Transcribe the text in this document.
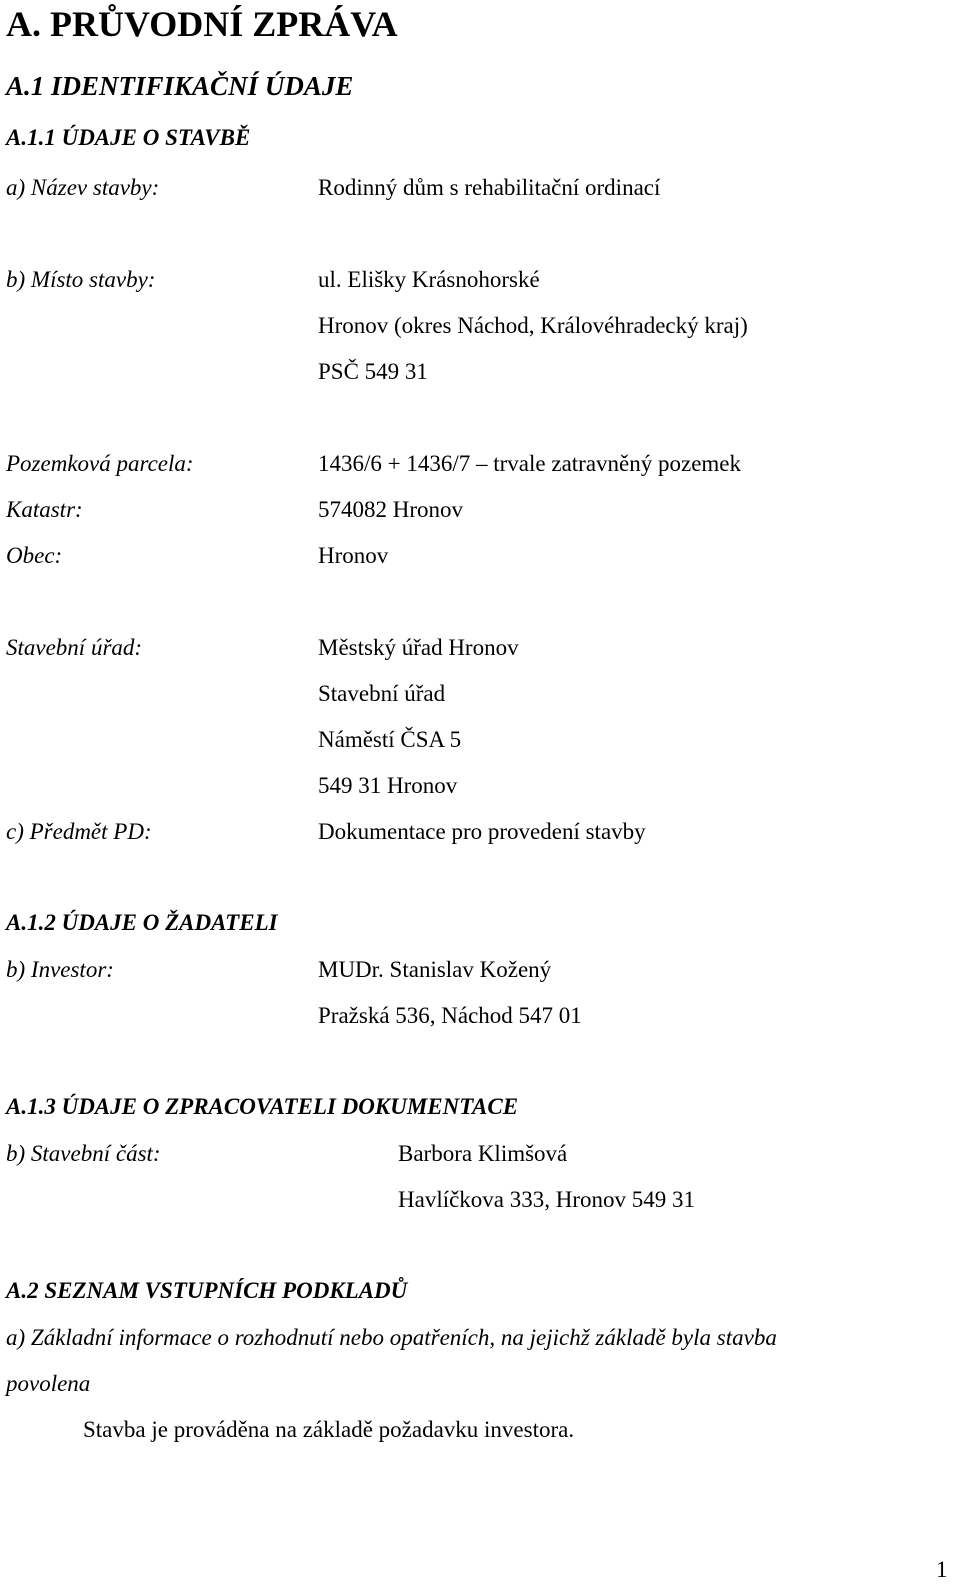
A. PRŮVODNÍ ZPRÁVA
A.1 IDENTIFIKAČNÍ ÚDAJE
A.1.1 ÚDAJE O STAVBĚ
a) Název stavby:	Rodinný dům s rehabilitační ordinací
b) Místo stavby:	ul. Elišky Krásnohorské
Hronov (okres Náchod, Královéhradecký kraj)
PSČ 549 31
Pozemková parcela:	1436/6 + 1436/7 – trvale zatravněný pozemek
Katastr:	574082 Hronov
Obec:	Hronov
Stavební úřad:	Městský úřad Hronov
Stavební úřad
Náměstí ČSA 5
549 31 Hronov
c) Předmět PD:	Dokumentace pro provedení stavby
A.1.2 ÚDAJE O ŽADATELI
b) Investor:	MUDr. Stanislav Kožený
Pražská 536, Náchod 547 01
A.1.3 ÚDAJE O ZPRACOVATELI DOKUMENTACE
b) Stavební část:	Barbora Klimšová
Havlíčkova 333, Hronov 549 31
A.2 SEZNAM VSTUPNÍCH PODKLADŮ
a) Základní informace o rozhodnutí nebo opatřeních, na jejichž základě byla stavba
povolena
Stavba je prováděna na základě požadavku investora.
1
